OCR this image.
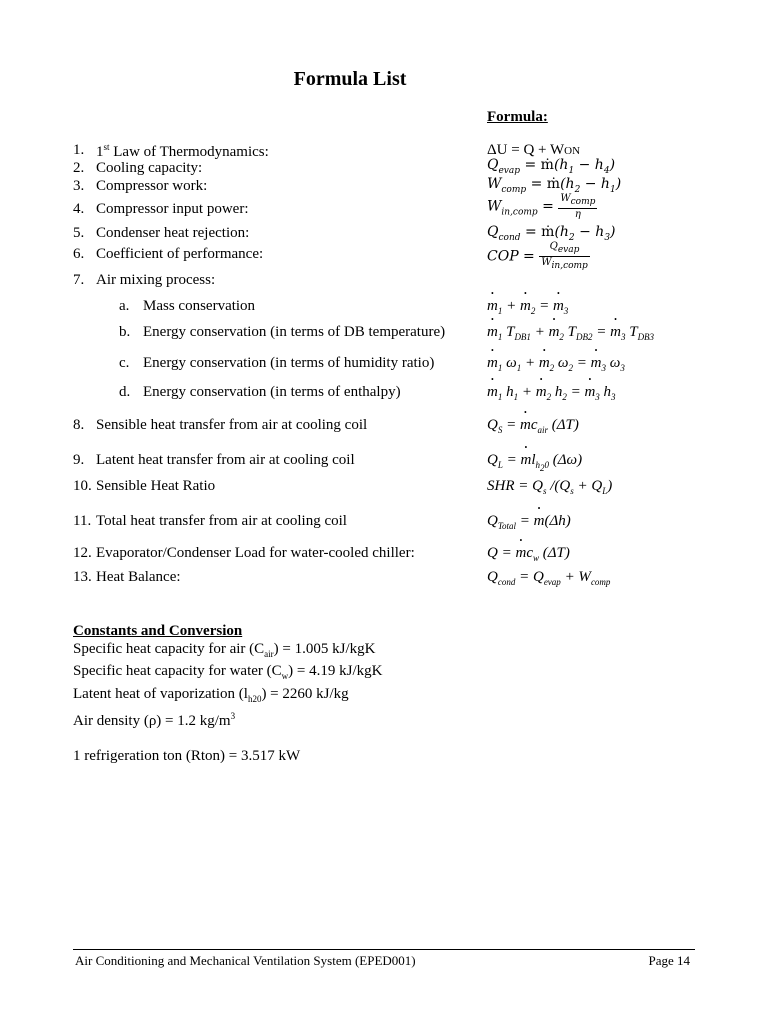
Formula List
Formula:
1. 1st Law of Thermodynamics:	ΔU = Q + WON
2. Cooling capacity:	$Q_{evap}$ = $ṁ(h_1 - h_4)$
3. Compressor work:	$W_{comp}$ = $ṁ(h_2 - h_1)$
4. Compressor input power:	$W_{in,comp} = \frac{W_{comp}}{\eta}$
5. Condenser heat rejection:	$Q_{cond}$ = $ṁ(h_2 - h_3)$
6. Coefficient of performance:	COP = $\frac{Q_{evap}}{W_{in,comp}}$
7. Air mixing process:
a. Mass conservation	• $m_1$ + • $m_2$ = • $m_3$
b. Energy conservation (in terms of DB temperature)	• $m_1$ $T_{DB1}$ + • $m_2$ $T_{DB2}$ = • $m_3$ $T_{DB3}$
c. Energy conservation (in terms of humidity ratio)	• $m_1$ $\omega_1$ + • $m_2$ $\omega_2$ = • $m_3$ $\omega_3$
d. Energy conservation (in terms of enthalpy)	• $m_1$ $h_1$ + • $m_2$ $h_2$ = • $m_3$ $h_3$
8. Sensible heat transfer from air at cooling coil	$Q_S$ = • $mc_{air}$ (ΔT)
9. Latent heat transfer from air at cooling coil	$Q_L$ = • $ml_{h_20}$ (Δω)
10. Sensible Heat Ratio	SHR = $Q_s$ $/(Q_s + Q_L)$
11. Total heat transfer from air at cooling coil	$Q_{Total}$ = • m(Δh)
12. Evaporator/Condenser Load for water-cooled chiller:	Q = • $mc_w$ (ΔT)
13. Heat Balance:	$Q_{cond} = Q_{evap} + W_{comp}$
Constants and Conversion
Specific heat capacity for air $(C_{air}) = 1.005$ kJ/kgK
Specific heat capacity for water $(C_w) = 4.19$ kJ/kgK
Latent heat of vaporization $(l_{h20}) = 2260$ kJ/kg
Air density (ρ) = 1.2 $kg/m^3$
1 refrigeration ton (Rton) = 3.517 kW
Air Conditioning and Mechanical Ventilation System (EPED001)	Page 14
